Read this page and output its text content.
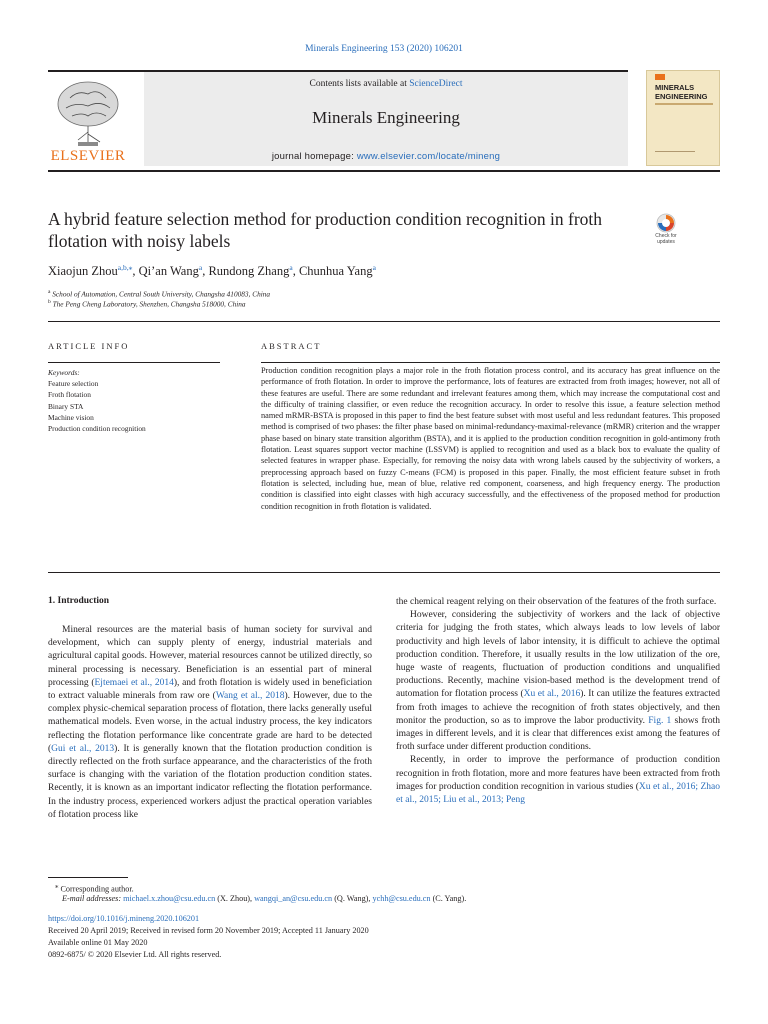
Minerals Engineering 153 (2020) 106201
ELSEVIER
Contents lists available at ScienceDirect
Minerals Engineering
journal homepage: www.elsevier.com/locate/mineng
MINERALS
ENGINEERING
A hybrid feature selection method for production condition recognition in froth flotation with noisy labels	Check for updates
Xiaojun Zhou$^{a,b,⁎}$, Qi’an Wang$^a$, Rundong Zhang$^a$, Chunhua Yang$^a$
$^a$ School of Automation, Central South University, Changsha 410083, China
$^b$ The Peng Cheng Laboratory, Shenzhen, Changsha 518000, China
ARTICLE INFO
Keywords:
Feature selection
Froth flotation
Binary STA
Machine vision
Production condition recognition
ABSTRACT
Production condition recognition plays a major role in the froth flotation process control, and its accuracy has great influence on the performance of froth flotation. In order to improve the performance, lots of features are extracted from froth images; however, not all of these features are useful. There are some redundant and irrelevant features among them, which may increase the computational cost and the difficulty of training classifier, or even reduce the recognition accuracy. In order to resolve this issue, a feature selection method named mRMR-BSTA is proposed in this paper to find the best feature subset with most useful and less redundant features. This proposed method is comprised of two phases: the filter phase based on minimal-redundancy-maximal-relevance (mRMR) criterion and the wrapper phase based on binary state transition algorithm (BSTA), and it is applied to the production condition recognition in gold-antimony froth flotation. Least squares support vector machine (LSSVM) is applied to recognition and used as a black box to evaluate the quality of selected features in wrapper phase. Especially, for removing the noisy data with wrong labels caused by the subjectivity of workers, a preprocessing approach based on fuzzy C-means (FCM) is proposed in this paper. Finally, the most efficient feature subset in froth flotation is selected, including hue, mean of blue, relative red component, coarseness, and high frequency energy. The production condition is classified into eight classes with high accuracy successfully, and the effectiveness of the proposed method for production condition recognition in froth flotation is validated.
1. Introduction

Mineral resources are the material basis of human society for survival and development, which can supply plenty of energy, industrial materials and agricultural capital goods. However, material resources cannot be utilized directly, so mineral processing is necessary. Beneficiation is an essential part of mineral processing (Ejtemaei et al., 2014), and froth flotation is widely used in beneficiation to extract valuable minerals from raw ore (Wang et al., 2018). However, due to the complex physic-chemical separation process of flotation, there lacks generally useful mathematical models. Even worse, in the actual industry process, the key indicators reflecting the flotation performance like concentrate grade are hard to be detected (Gui et al., 2013). It is generally known that the flotation production condition is directly reflected on the froth surface appearance, and the characteristics of the froth surface is changing with the variation of the flotation production condition states. Recently, it is known as an important indicator reflecting the flotation performance. In the industry process, experienced workers adjust the practical operation variables of flotation process like

the chemical reagent relying on their observation of the features of the froth surface.

However, considering the subjectivity of workers and the lack of objective criteria for judging the froth states, which always leads to low levels of labor productivity and high levels of labor intensity, it is difficult to achieve the optimal production condition. Therefore, it usually results in the low utilization of the ore, huge waste of reagents, fluctuation of production conditions and unqualified productions. Recently, machine vision-based method is the development trend of automation for flotation process (Xu et al., 2016). It can utilize the features extracted from froth images to achieve the recognition of froth states objectively, and then monitor the production, so as to improve the labor productivity. Fig. 1 shows froth images in different levels, and it is clear that differences exist among the features of froth surface under different production conditions.

Recently, in order to improve the performance of production condition recognition in froth flotation, more and more features have been extracted from froth images for production condition recognition in various studies (Xu et al., 2016; Zhao et al., 2015; Liu et al., 2013; Peng

⁎ Corresponding author.
E-mail addresses: michael.x.zhou@csu.edu.cn (X. Zhou), wangqi_an@csu.edu.cn (Q. Wang), ychh@csu.edu.cn (C. Yang).
https://doi.org/10.1016/j.mineng.2020.106201
Received 20 April 2019; Received in revised form 20 November 2019; Accepted 11 January 2020
Available online 01 May 2020
0892-6875/ © 2020 Elsevier Ltd. All rights reserved.
